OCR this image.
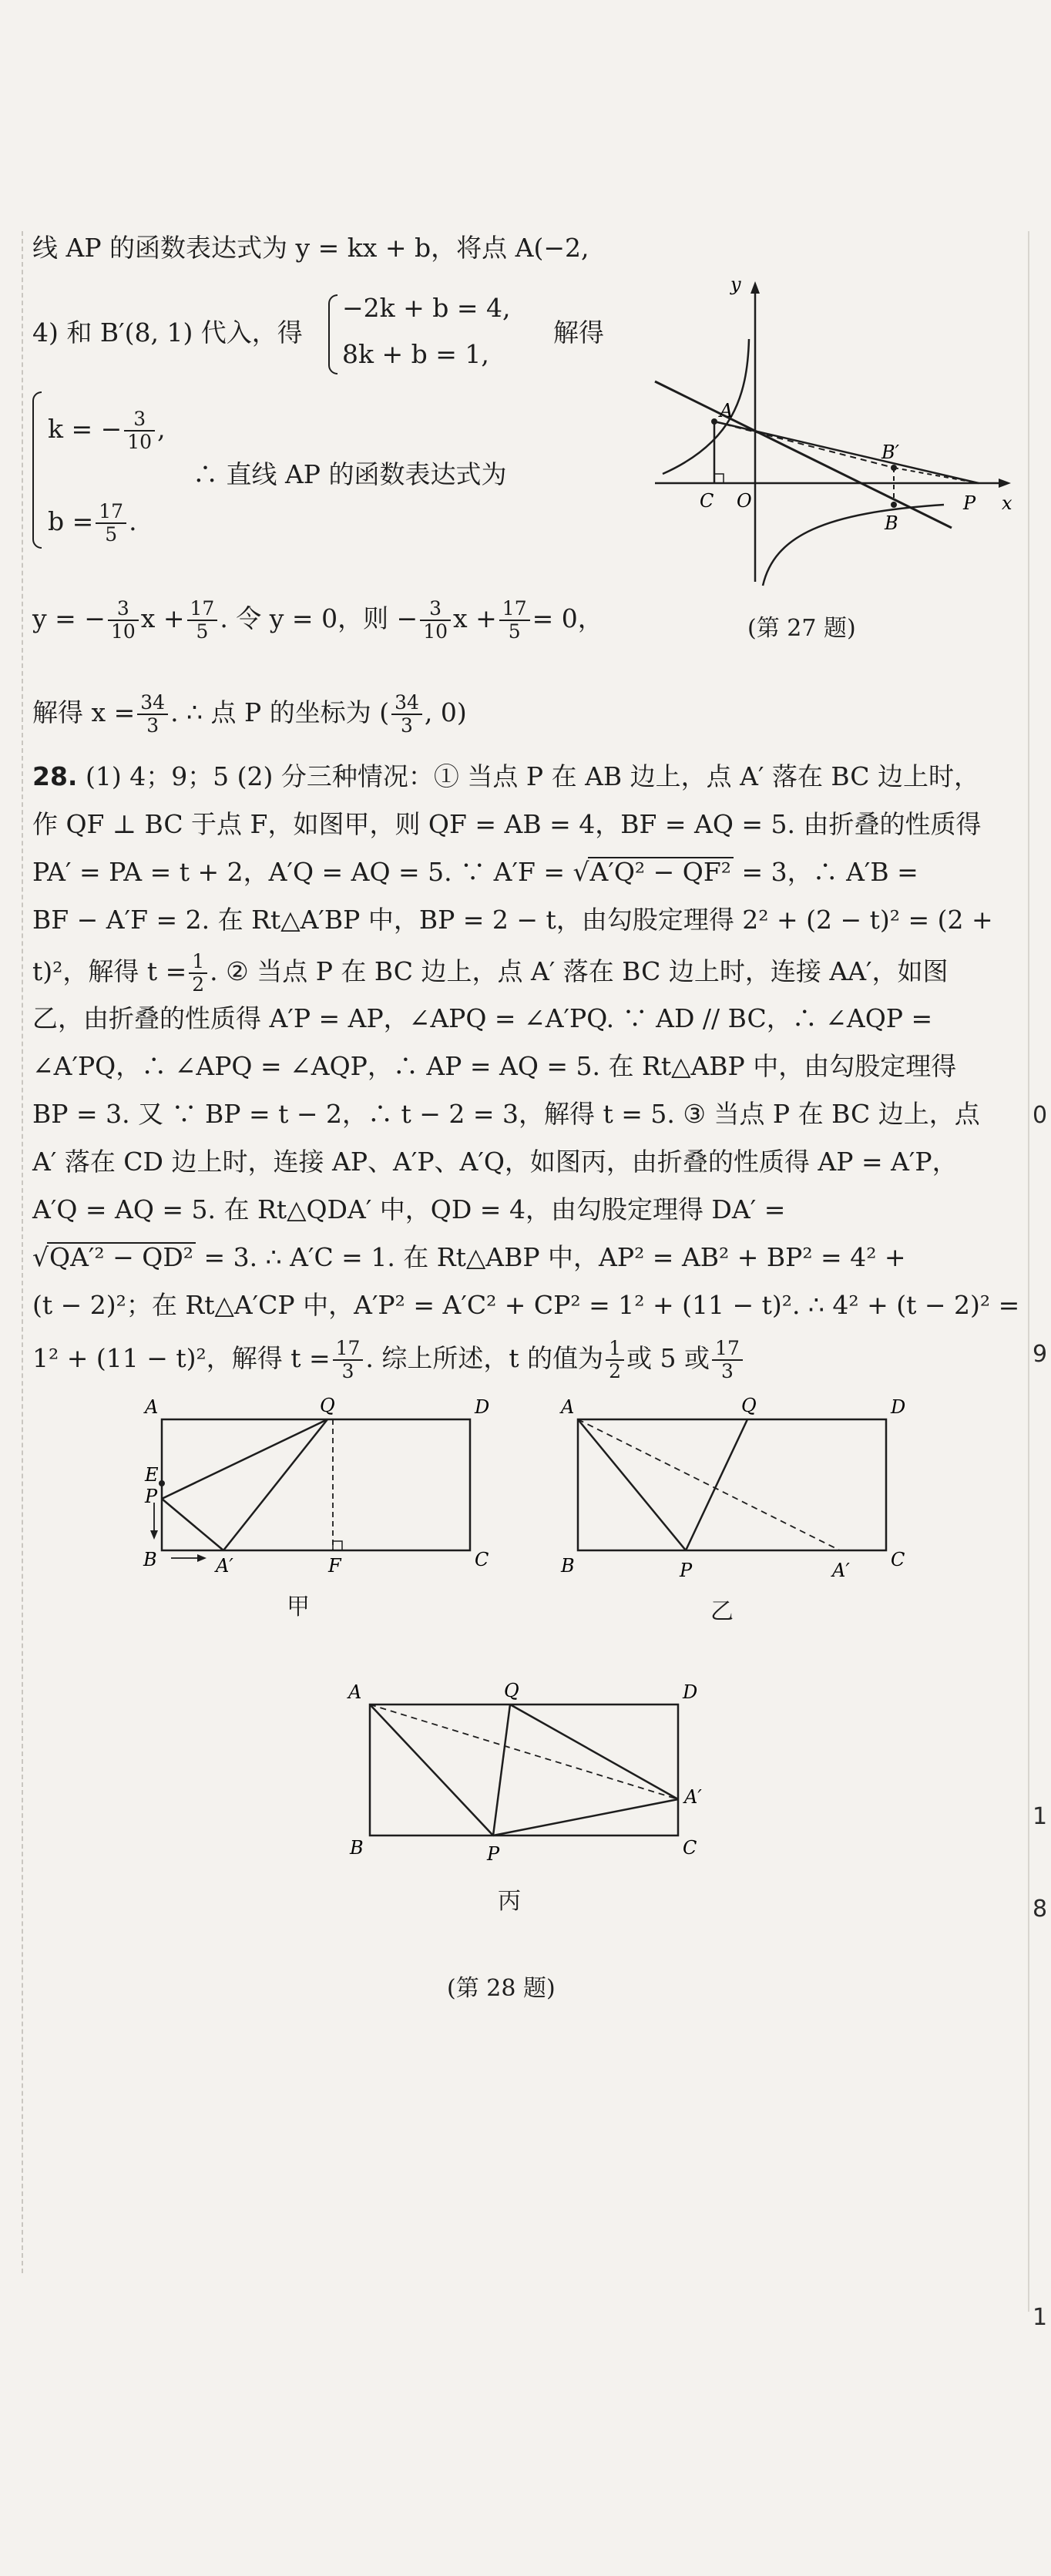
线 AP 的函数表达式为 y = kx + b，将点 A(−2,
4) 和 B′(8, 1) 代入，得
−2k + b = 4,
8k + b = 1,
解得
k = − $\frac{3}{10}$ ,
∴ 直线 AP 的函数表达式为
$b = \frac{17}{5}$ .
y = − $\frac{3}{10}$ $x + \frac{17}{5}$ . 令 y = 0，则 − $\frac{3}{10}$ $x + \frac{17}{5} = 0$，
解得 $x = \frac{34}{3}$ . ∴ 点 P 的坐标为 ( $\frac{34}{3}$ , 0)
y
x
A
B′
C O
B
P
(第 27 题)
28. (1) 4；9；5 (2) 分三种情况：① 当点 P 在 AB 边上，点 A′ 落在 BC 边上时，
作 QF ⊥ BC 于点 F，如图甲，则 QF = AB = 4，BF = AQ = 5. 由折叠的性质得
PA′ = PA = t + 2，A′Q = AQ = 5. ∵ A′F = √A′Q² − QF² = 3，∴ A′B =
BF − A′F = 2. 在 Rt△A′BP 中，BP = 2 − t，由勾股定理得 2² + (2 − t)² = (2 +
t)²，解得 $t = \frac{1}{2}$ . ② 当点 P 在 BC 边上，点 A′ 落在 BC 边上时，连接 AA′，如图
乙，由折叠的性质得 A′P = AP，∠APQ = ∠A′PQ. ∵ AD // BC，∴ ∠AQP =
∠A′PQ，∴ ∠APQ = ∠AQP，∴ AP = AQ = 5. 在 Rt△ABP 中，由勾股定理得
BP = 3. 又 ∵ BP = t − 2，∴ t − 2 = 3，解得 t = 5. ③ 当点 P 在 BC 边上，点
A′ 落在 CD 边上时，连接 AP、A′P、A′Q，如图丙，由折叠的性质得 AP = A′P，
A′Q = AQ = 5. 在 Rt△QDA′ 中，QD = 4，由勾股定理得 DA′ =
√QA′² − QD² = 3. ∴ A′C = 1. 在 Rt△ABP 中，AP² = AB² + BP² = 4² +
(t − 2)²；在 Rt△A′CP 中，A′P² = A′C² + CP² = 1² + (11 − t)². ∴ 4² + (t − 2)² =
1² + (11 − t)²，解得 $t = \frac{17}{3}$ . 综上所述，t 的值为 $\frac{1}{2}$ 或 5 或 $\frac{17}{3}$
A	Q	D
E
P
B	A′	F	C
甲
A	Q	D
B	P	A′ C
乙
A	Q	D
A′
B	P	C
丙
(第 28 题)
0
9
1
8
1
